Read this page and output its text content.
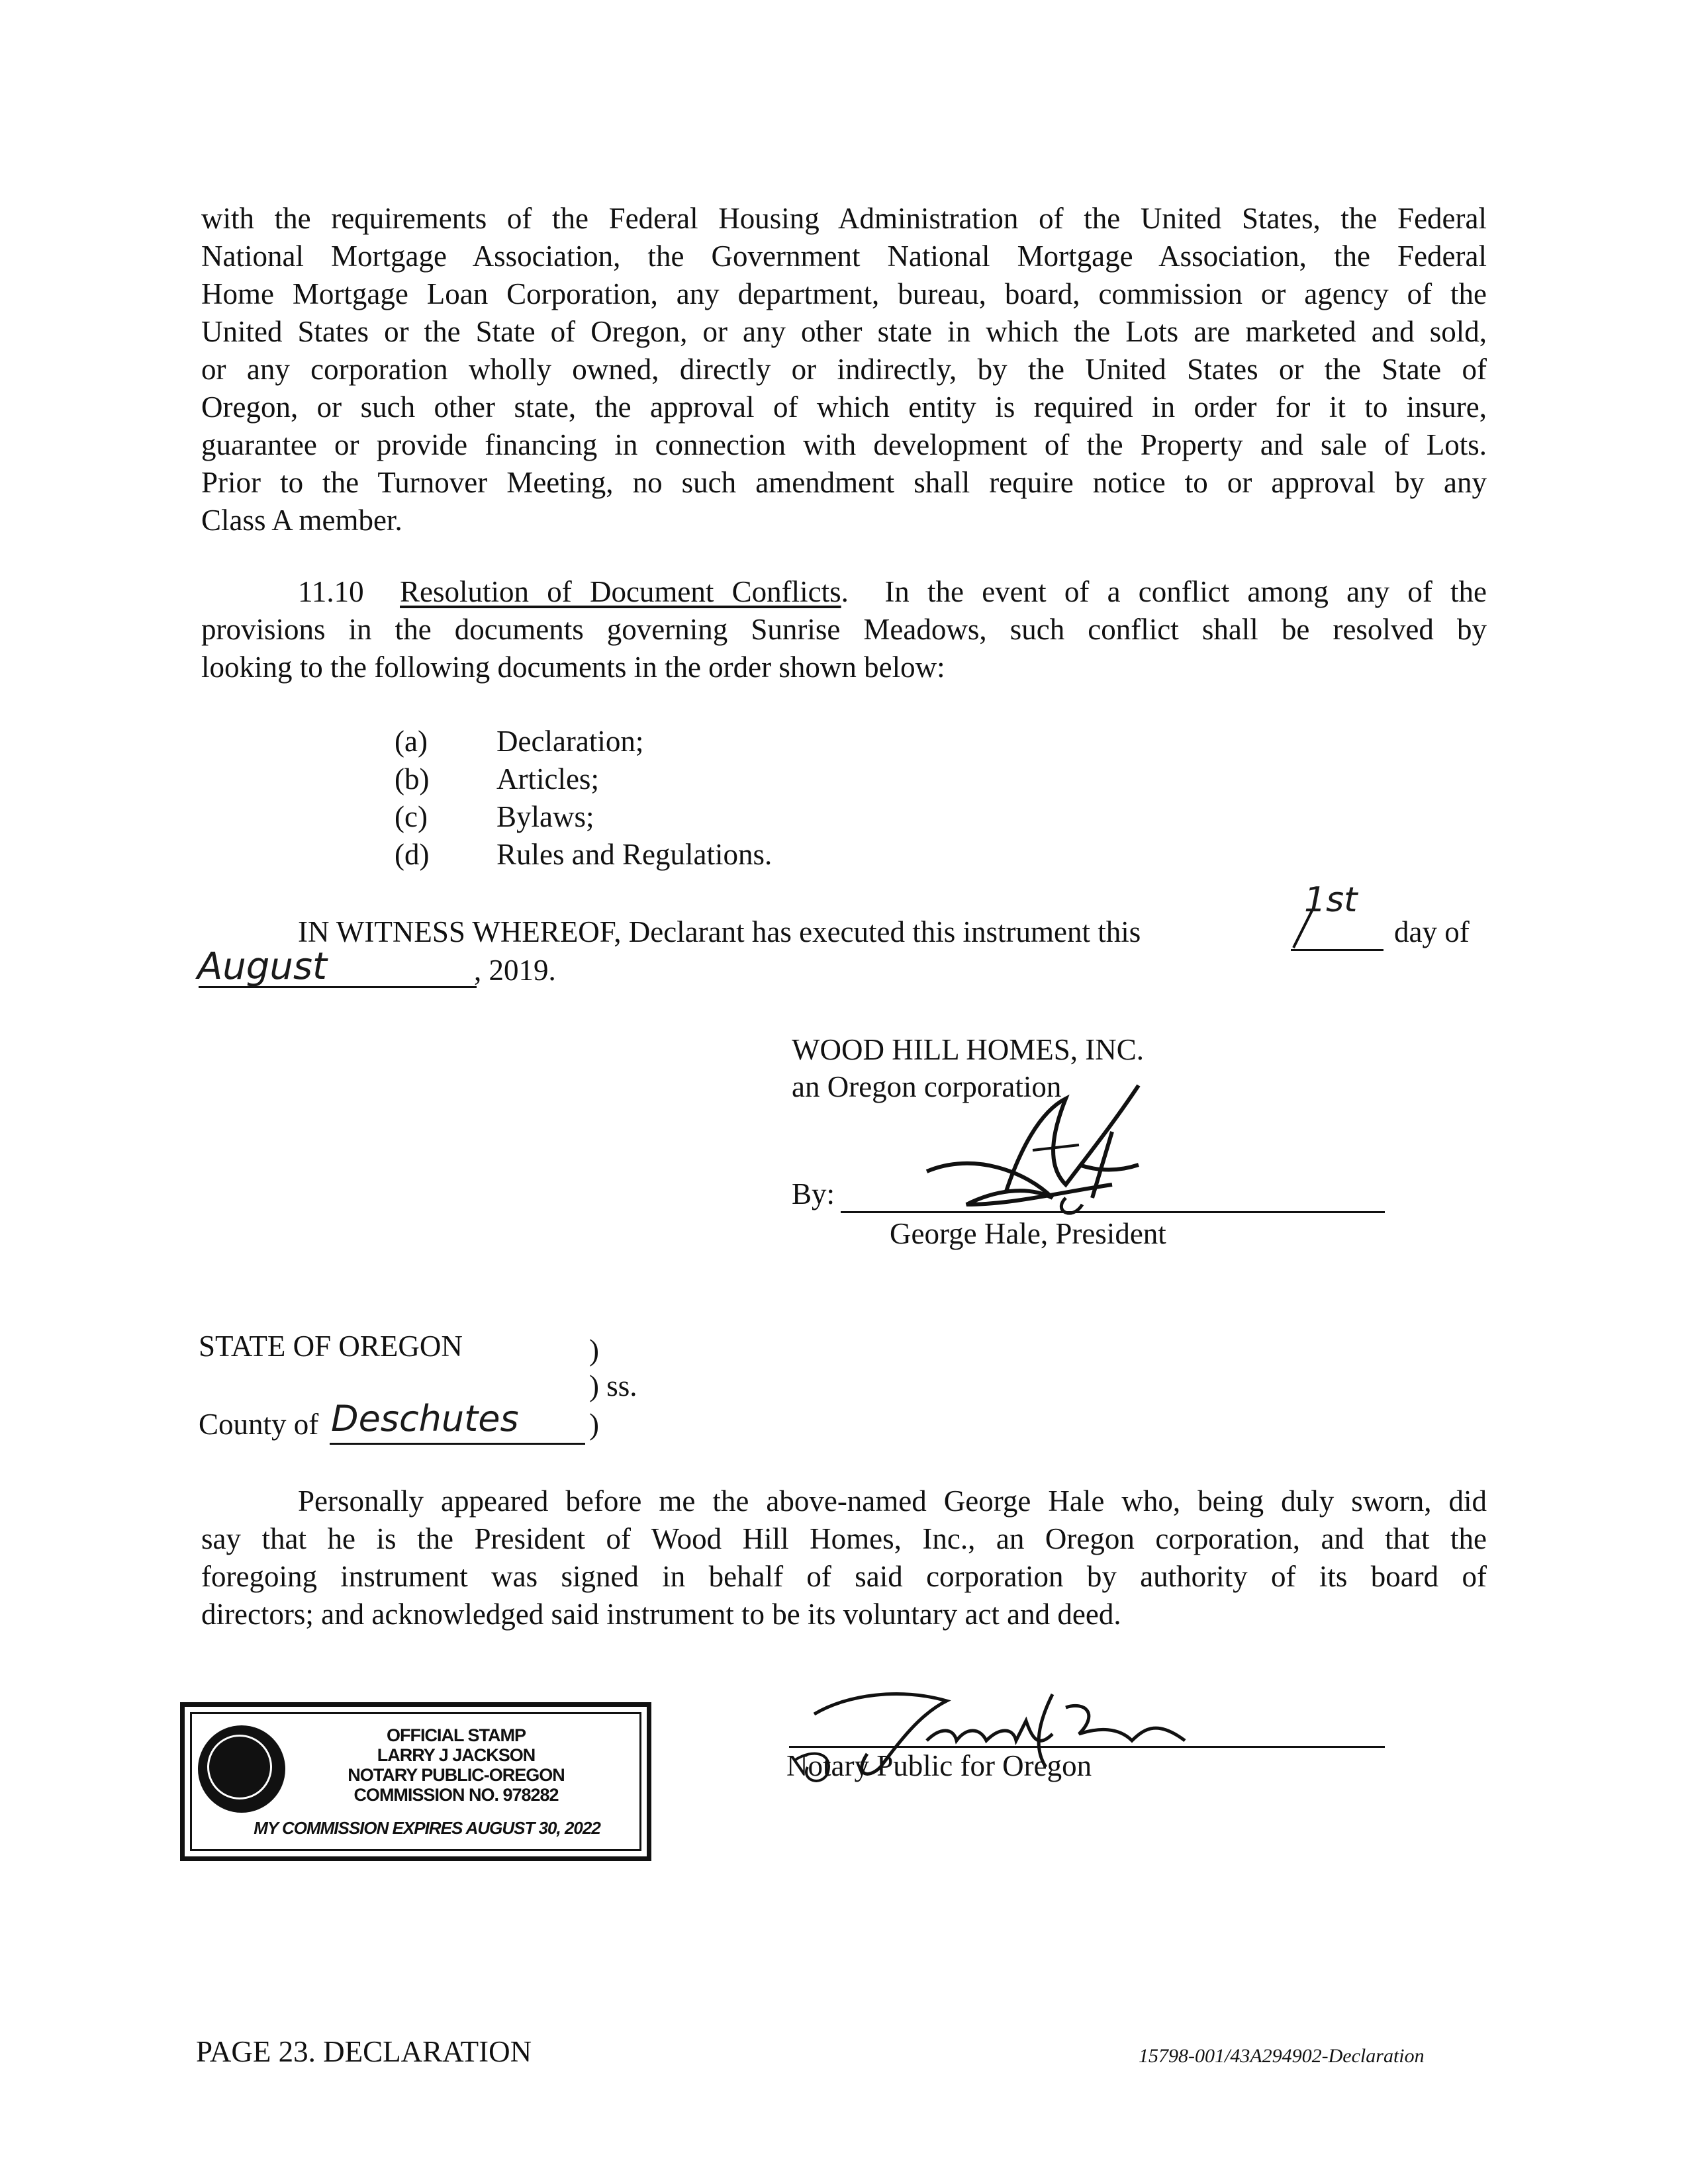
with the requirements of the Federal Housing Administration of the United States, the Federal
National Mortgage Association, the Government National Mortgage Association, the Federal
Home Mortgage Loan Corporation, any department, bureau, board, commission or agency of the
United States or the State of Oregon, or any other state in which the Lots are marketed and sold,
or any corporation wholly owned, directly or indirectly, by the United States or the State of
Oregon, or such other state, the approval of which entity is required in order for it to insure,
guarantee or provide financing in connection with development of the Property and sale of Lots.
Prior to the Turnover Meeting, no such amendment shall require notice to or approval by any
Class A member.
11.10 Resolution of Document Conflicts. In the event of a conflict among any of the
provisions in the documents governing Sunrise Meadows, such conflict shall be resolved by
looking to the following documents in the order shown below:
(a) Declaration;
(b) Articles;
(c) Bylaws;
(d) Rules and Regulations.
IN WITNESS WHEREOF, Declarant has executed this instrument this
1st
day of
August	, 2019.
WOOD HILL HOMES, INC.
an Oregon corporation
By:
George Hale, President
STATE OF OREGON	)
) ss.
County of Deschutes )
Personally appeared before me the above-named George Hale who, being duly sworn, did
say that he is the President of Wood Hill Homes, Inc., an Oregon corporation, and that the
foregoing instrument was signed in behalf of said corporation by authority of its board of
directors; and acknowledged said instrument to be its voluntary act and deed.
OFFICIAL STAMP
LARRY J JACKSON
NOTARY PUBLIC-OREGON
COMMISSION NO. 978282
MY COMMISSION EXPIRES AUGUST 30, 2022
Notary Public for Oregon
PAGE 23. DECLARATION	15798-001/43A294902-Declaration
